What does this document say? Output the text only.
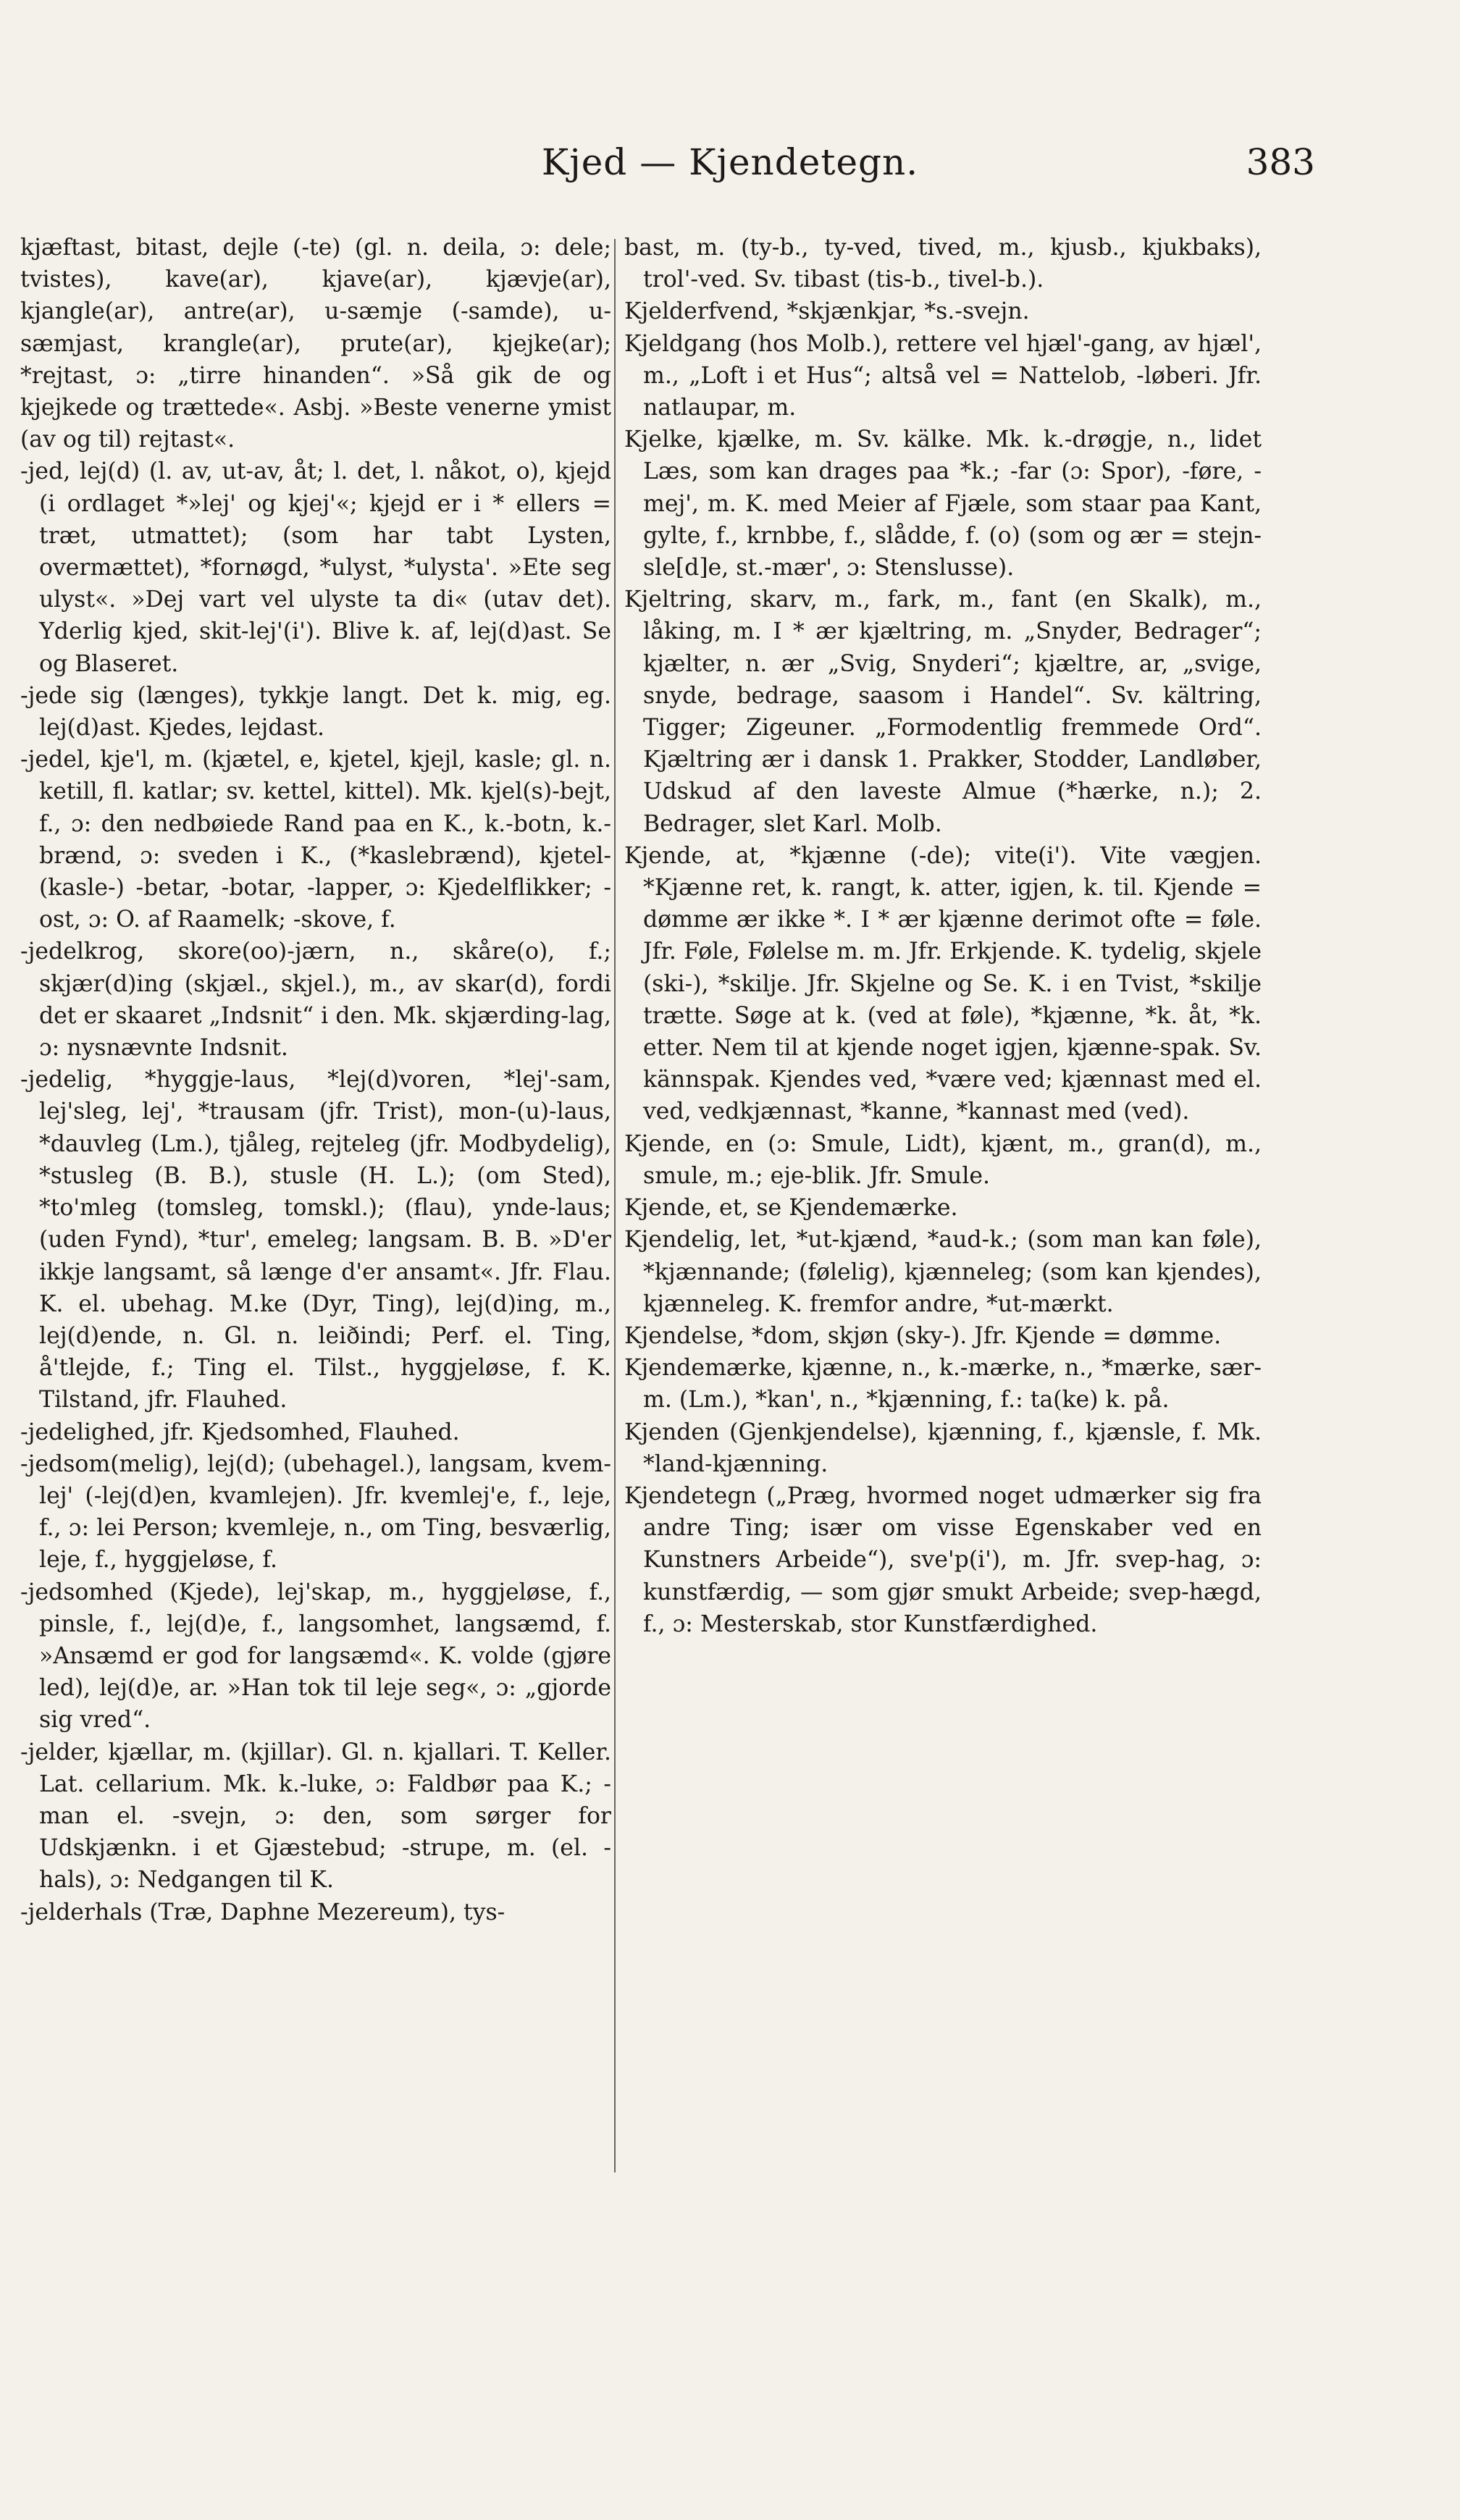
Kjed — Kjendetegn.	383

kjæftast, bitast, dejle (-te) (gl. n. deila, ɔ: dele; tvistes), kave(ar), kjave(ar), kjævje(ar), kjangle(ar), antre(ar), u-sæmje (-samde), u-sæmjast, krangle(ar), prute(ar), kjejke(ar); *rejtast, ɔ: „tirre hinanden“. »Så gik de og kjejkede og trættede«. Asbj. »Beste venerne ymist (av og til) rejtast«.

-jed, lej(d) (l. av, ut-av, åt; l. det, l. nåkot, o), kjejd (i ordlaget *»lej' og kjej'«; kjejd er i * ellers = træt, utmattet); (som har tabt Lysten, overmættet), *fornøgd, *ulyst, *ulysta'. »Ete seg ulyst«. »Dej vart vel ulyste ta di« (utav det). Yderlig kjed, skit-lej'(i'). Blive k. af, lej(d)ast. Se og Blaseret.

-jede sig (længes), tykkje langt. Det k. mig, eg. lej(d)ast. Kjedes, lejdast.

-jedel, kje'l, m. (kjætel, e, kjetel, kjejl, kasle; gl. n. ketill, fl. katlar; sv. kettel, kittel). Mk. kjel(s)-bejt, f., ɔ: den nedbøiede Rand paa en K., k.-botn, k.-brænd, ɔ: sveden i K., (*kaslebrænd), kjetel- (kasle-) -betar, -botar, -lapper, ɔ: Kjedelflikker; -ost, ɔ: O. af Raamelk; -skove, f.

-jedelkrog, skore(oo)-jærn, n., skåre(o), f.; skjær(d)ing (skjæl., skjel.), m., av skar(d), fordi det er skaaret „Indsnit“ i den. Mk. skjærding-lag, ɔ: nysnævnte Indsnit.

-jedelig, *hyggje-laus, *lej(d)voren, *lej'-sam, lej'sleg, lej', *trausam (jfr. Trist), mon-(u)-laus, *dauvleg (Lm.), tjåleg, rejteleg (jfr. Modbydelig), *stusleg (B. B.), stusle (H. L.); (om Sted), *to'mleg (tomsleg, tomskl.); (flau), ynde-laus; (uden Fynd), *tur', emeleg; langsam. B. B. »D'er ikkje langsamt, så længe d'er ansamt«. Jfr. Flau. K. el. ubehag. M.ke (Dyr, Ting), lej(d)ing, m., lej(d)ende, n. Gl. n. leiðindi; Perf. el. Ting, å'tlejde, f.; Ting el. Tilst., hyggjeløse, f. K. Tilstand, jfr. Flauhed.

-jedelighed, jfr. Kjedsomhed, Flauhed.

-jedsom(melig), lej(d); (ubehagel.), langsam, kvem-lej' (-lej(d)en, kvamlejen). Jfr. kvemlej'e, f., leje, f., ɔ: lei Person; kvemleje, n., om Ting, besværlig, leje, f., hyggjeløse, f.

-jedsomhed (Kjede), lej'skap, m., hyggjeløse, f., pinsle, f., lej(d)e, f., langsomhet, langsæmd, f. »Ansæmd er god for langsæmd«. K. volde (gjøre led), lej(d)e, ar. »Han tok til leje seg«, ɔ: „gjorde sig vred“.

-jelder, kjællar, m. (kjillar). Gl. n. kjallari. T. Keller. Lat. cellarium. Mk. k.-luke, ɔ: Faldbør paa K.; -man el. -svejn, ɔ: den, som sørger for Udskjænkn. i et Gjæstebud; -strupe, m. (el. -hals), ɔ: Nedgangen til K.

-jelderhals (Træ, Daphne Mezereum), tys-

bast, m. (ty-b., ty-ved, tived, m., kjusb., kjukbaks), trol'-ved. Sv. tibast (tis-b., tivel-b.).

Kjelderfvend, *skjænkjar, *s.-svejn.

Kjeldgang (hos Molb.), rettere vel hjæl'-gang, av hjæl', m., „Loft i et Hus“; altså vel = Nattelob, ‑løberi. Jfr. natlaupar, m.

Kjelke, kjælke, m. Sv. kälke. Mk. k.-drøgje, n., lidet Læs, som kan drages paa *k.; -far (ɔ: Spor), -føre, -mej', m. K. med Meier af Fjæle, som staar paa Kant, gylte, f., krnbbe, f., slådde, f. (o) (som og ær = stejn-sle[d]e, st.-mær', ɔ: Stenslusse).

Kjeltring, skarv, m., fark, m., fant (en Skalk), m., låking, m. I * ær kjæltring, m. „Snyder, Bedrager“; kjælter, n. ær „Svig, Snyderi“; kjæltre, ar, „svige, snyde, bedrage, saasom i Handel“. Sv. kältring, Tigger; Zigeuner. „Formodentlig fremmede Ord“. Kjæltring ær i dansk 1. Prakker, Stodder, Landløber, Udskud af den laveste Almue (*hærke, n.); 2. Bedrager, slet Karl. Molb.

Kjende, at, *kjænne (-de); vite(i'). Vite vægjen. *Kjænne ret, k. rangt, k. atter, igjen, k. til. Kjende = dømme ær ikke *. I * ær kjænne derimot ofte = føle. Jfr. Føle, Følelse m. m. Jfr. Erkjende. K. tydelig, skjele (ski-), *skilje. Jfr. Skjelne og Se. K. i en Tvist, *skilje trætte. Søge at k. (ved at føle), *kjænne, *k. åt, *k. etter. Nem til at kjende noget igjen, kjænne-spak. Sv. kännspak. Kjendes ved, *være ved; kjænnast med el. ved, vedkjænnast, *kanne, *kannast med (ved).

Kjende, en (ɔ: Smule, Lidt), kjænt, m., gran(d), m., smule, m.; eje-blik. Jfr. Smule.

Kjende, et, se Kjendemærke.

Kjendelig, let, *ut-kjænd, *aud-k.; (som man kan føle), *kjænnande; (følelig), kjænneleg; (som kan kjendes), kjænneleg. K. fremfor andre, *ut-mærkt.

Kjendelse, *dom, skjøn (sky-). Jfr. Kjende = dømme.

Kjendemærke, kjænne, n., k.-mærke, n., *mærke, sær-m. (Lm.), *kan', n., *kjænning, f.: ta(ke) k. på.

Kjenden (Gjenkjendelse), kjænning, f., kjænsle, f. Mk. *land-kjænning.

Kjendetegn („Præg, hvormed noget udmærker sig fra andre Ting; især om visse Egenskaber ved en Kunstners Arbeide“), sve'p(i'), m. Jfr. svep-hag, ɔ: kunstfærdig, — som gjør smukt Arbeide; svep-hægd, f., ɔ: Mesterskab, stor Kunstfærdighed.
